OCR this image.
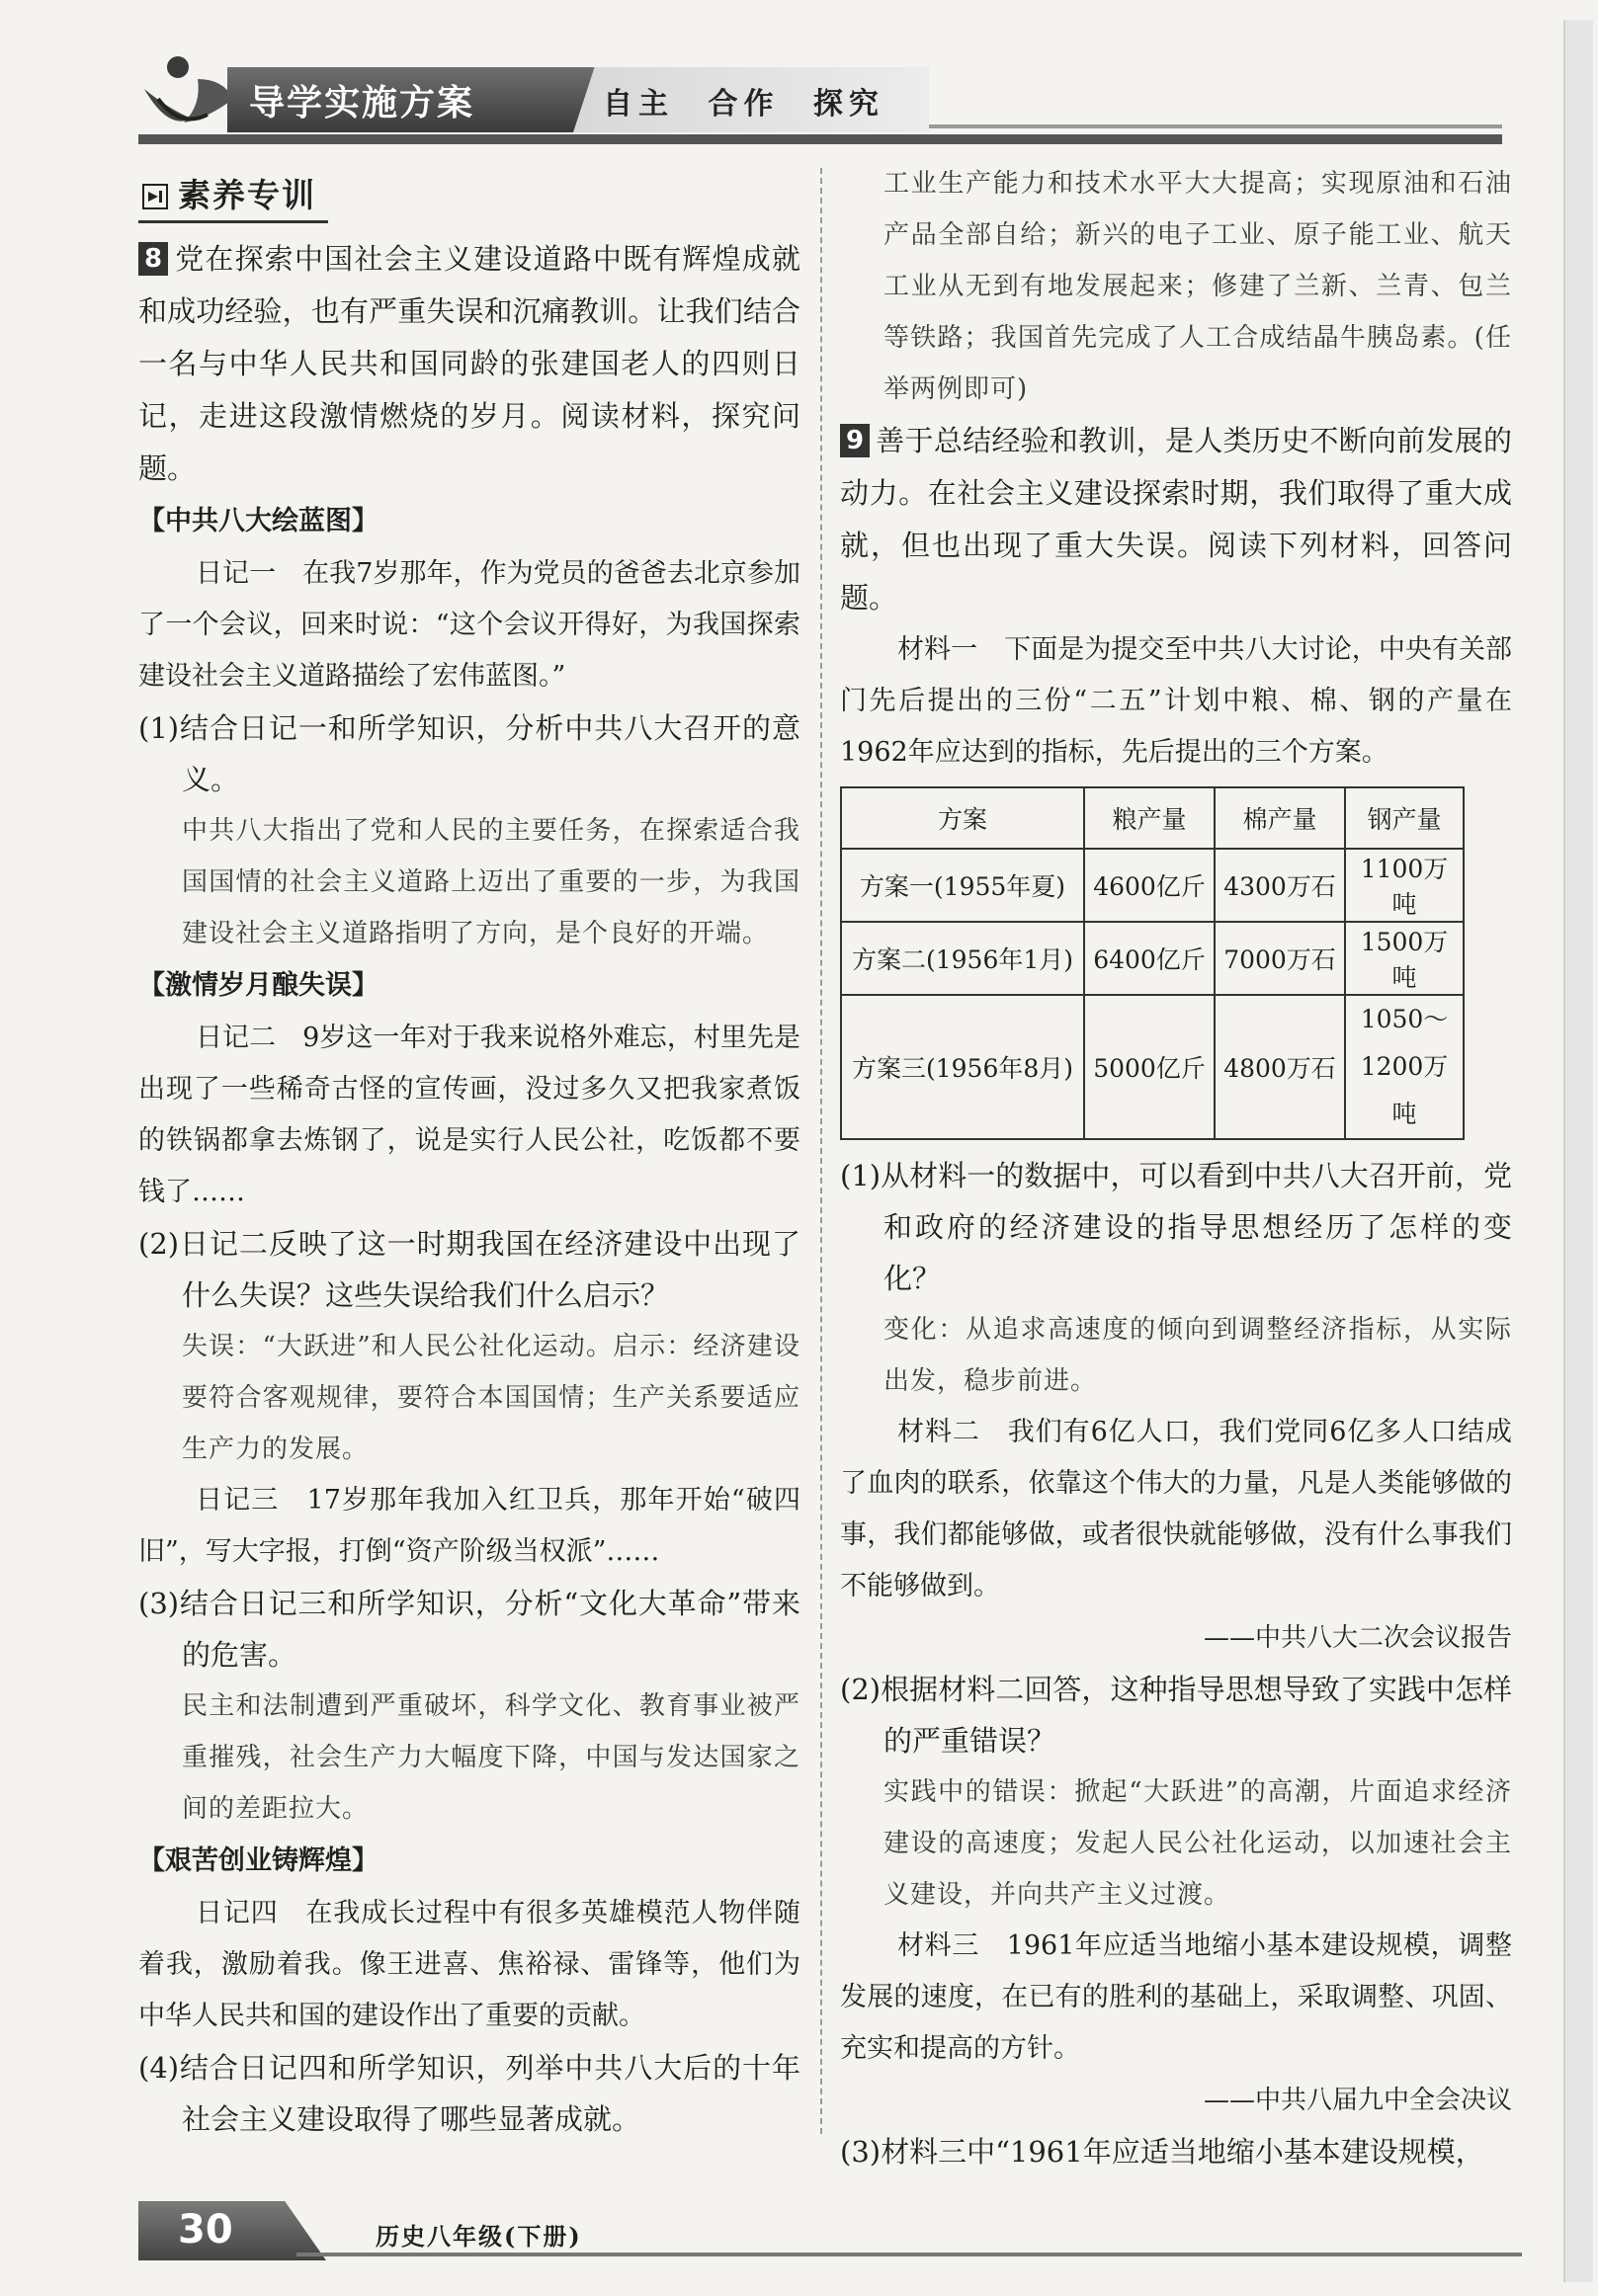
导学实施方案	自主 合作 探究
素养专训

8 党在探索中国社会主义建设道路中既有辉煌成就和成功经验，也有严重失误和沉痛教训。让我们结合一名与中华人民共和国同龄的张建国老人的四则日记，走进这段激情燃烧的岁月。阅读材料，探究问题。

【中共八大绘蓝图】

日记一　在我7岁那年，作为党员的爸爸去北京参加了一个会议，回来时说：“这个会议开得好，为我国探索建设社会主义道路描绘了宏伟蓝图。”

(1)结合日记一和所学知识，分析中共八大召开的意义。

中共八大指出了党和人民的主要任务，在探索适合我国国情的社会主义道路上迈出了重要的一步，为我国建设社会主义道路指明了方向，是个良好的开端。

【激情岁月酿失误】

日记二　9岁这一年对于我来说格外难忘，村里先是出现了一些稀奇古怪的宣传画，没过多久又把我家煮饭的铁锅都拿去炼钢了，说是实行人民公社，吃饭都不要钱了……

(2)日记二反映了这一时期我国在经济建设中出现了什么失误？这些失误给我们什么启示？

失误：“大跃进”和人民公社化运动。启示：经济建设要符合客观规律，要符合本国国情；生产关系要适应生产力的发展。

日记三　17岁那年我加入红卫兵，那年开始“破四旧”，写大字报，打倒“资产阶级当权派”……

(3)结合日记三和所学知识，分析“文化大革命”带来的危害。

民主和法制遭到严重破坏，科学文化、教育事业被严重摧残，社会生产力大幅度下降，中国与发达国家之间的差距拉大。

【艰苦创业铸辉煌】

日记四　在我成长过程中有很多英雄模范人物伴随着我，激励着我。像王进喜、焦裕禄、雷锋等，他们为中华人民共和国的建设作出了重要的贡献。

(4)结合日记四和所学知识，列举中共八大后的十年社会主义建设取得了哪些显著成就。

工业生产能力和技术水平大大提高；实现原油和石油产品全部自给；新兴的电子工业、原子能工业、航天工业从无到有地发展起来；修建了兰新、兰青、包兰等铁路；我国首先完成了人工合成结晶牛胰岛素。(任举两例即可)

9 善于总结经验和教训，是人类历史不断向前发展的动力。在社会主义建设探索时期，我们取得了重大成就，但也出现了重大失误。阅读下列材料，回答问题。

材料一　下面是为提交至中共八大讨论，中央有关部门先后提出的三份“二五”计划中粮、棉、钢的产量在1962年应达到的指标，先后提出的三个方案。

方案	粮产量	棉产量	钢产量
方案一(1955年夏)	4600亿斤	4300万石	1100万吨
方案二(1956年1月)	6400亿斤	7000万石	1500万吨
方案三(1956年8月)	5000亿斤	4800万石	1050～1200万吨

(1)从材料一的数据中，可以看到中共八大召开前，党和政府的经济建设的指导思想经历了怎样的变化？

变化：从追求高速度的倾向到调整经济指标，从实际出发，稳步前进。

材料二　我们有6亿人口，我们党同6亿多人口结成了血肉的联系，依靠这个伟大的力量，凡是人类能够做的事，我们都能够做，或者很快就能够做，没有什么事我们不能够做到。

——中共八大二次会议报告

(2)根据材料二回答，这种指导思想导致了实践中怎样的严重错误？

实践中的错误：掀起“大跃进”的高潮，片面追求经济建设的高速度；发起人民公社化运动，以加速社会主义建设，并向共产主义过渡。

材料三　1961年应适当地缩小基本建设规模，调整发展的速度，在已有的胜利的基础上，采取调整、巩固、充实和提高的方针。

——中共八届九中全会决议

(3)材料三中“1961年应适当地缩小基本建设规模，

30	历史八年级(下册)
